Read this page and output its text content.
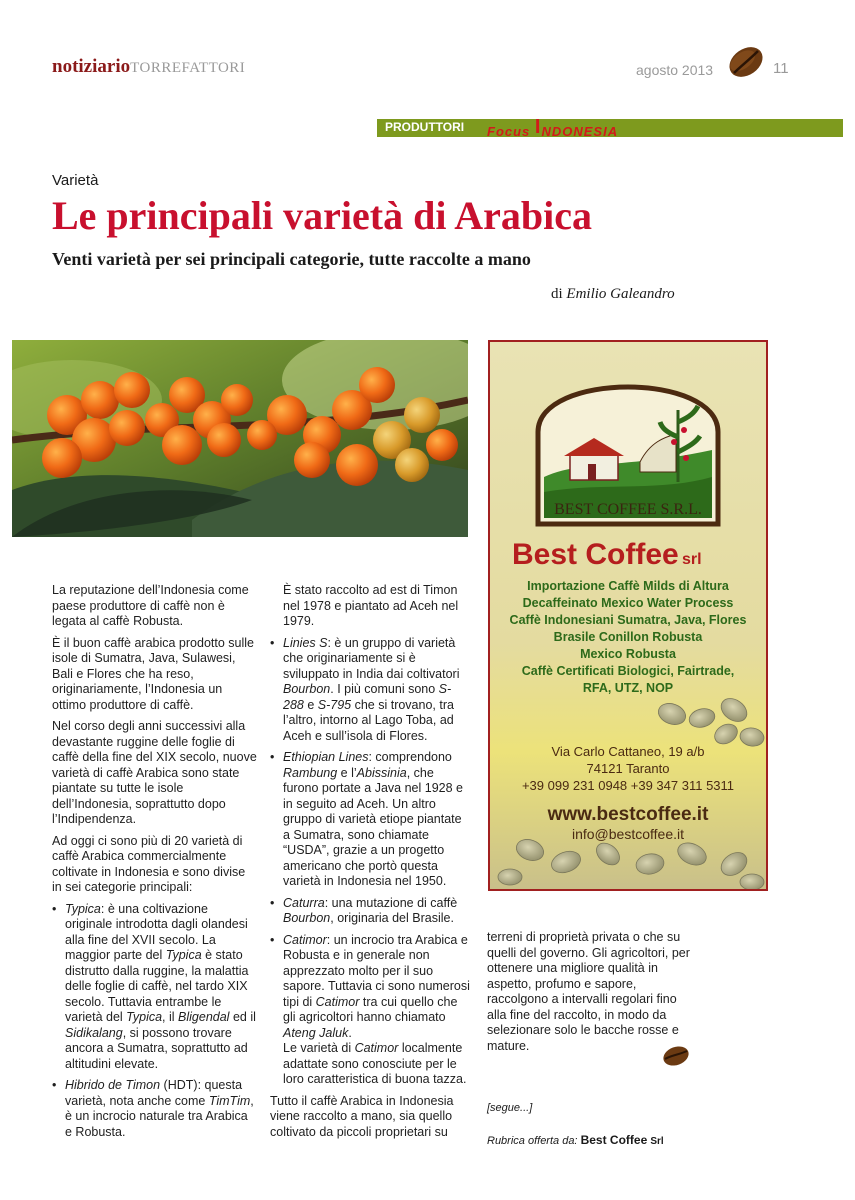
notiziarioTORREFATTORI	agosto 2013	11
PRODUTTORI Focus INDONESIA
Varietà
Le principali varietà di Arabica
Venti varietà per sei principali categorie, tutte raccolte a mano
di Emilio Galeandro
BEST COFFEE S.R.L.
Best Coffee srl
Importazione Caffè Milds di Altura
Decaffeinato Mexico Water Process
Caffè Indonesiani Sumatra, Java, Flores
Brasile Conillon Robusta
Mexico Robusta
Caffè Certificati Biologici, Fairtrade,
RFA, UTZ, NOP
Via Carlo Cattaneo, 19 a/b
74121 Taranto
+39 099 231 0948 +39 347 311 5311
www.bestcoffee.it
info@bestcoffee.it

La reputazione dell’Indonesia come paese produttore di caffè non è legata al caffè Robusta.

È il buon caffè arabica prodotto sulle isole di Sumatra, Java, Sulawesi, Bali e Flores che ha reso, originariamente, l’Indonesia un ottimo produttore di caffè.

Nel corso degli anni successivi alla devastante ruggine delle foglie di caffè della fine del XIX secolo, nuove varietà di caffè Arabica sono state piantate su tutte le isole dell’Indonesia, soprattutto dopo l’Indipendenza.

Ad oggi ci sono più di 20 varietà di caffè Arabica commercialmente coltivate in Indonesia e sono divise in sei categorie principali:

• Typica: è una coltivazione originale introdotta dagli olandesi alla fine del XVII secolo. La maggior parte del Typica è stato distrutto dalla ruggine, la malattia delle foglie di caffè, nel tardo XIX secolo. Tuttavia entrambe le varietà del Typica, il Bligendal ed il Sidikalang, si possono trovare ancora a Sumatra, soprattutto ad altitudini elevate.
• Hibrido de Timon (HDT): questa varietà, nota anche come TimTim, è un incrocio naturale tra Arabica e Robusta.

È stato raccolto ad est di Timon nel 1978 e piantato ad Aceh nel 1979.

• Linies S: è un gruppo di varietà che originariamente si è sviluppato in India dai coltivatori Bourbon. I più comuni sono S-288 e S-795 che si trovano, tra l’altro, intorno al Lago Toba, ad Aceh e sull’isola di Flores.
• Ethiopian Lines: comprendono Rambung e l’Abissinia, che furono portate a Java nel 1928 e in seguito ad Aceh. Un altro gruppo di varietà etiope piantate a Sumatra, sono chiamate “USDA”, grazie a un progetto americano che portò questa varietà in Indonesia nel 1950.
• Caturra: una mutazione di caffè Bourbon, originaria del Brasile.
• Catimor: un incrocio tra Arabica e Robusta e in generale non apprezzato molto per il suo sapore. Tuttavia ci sono numerosi tipi di Catimor tra cui quello che gli agricoltori hanno chiamato Ateng Jaluk.
Le varietà di Catimor localmente adattate sono conosciute per le loro caratteristica di buona tazza.

Tutto il caffè Arabica in Indonesia viene raccolto a mano, sia quello coltivato da piccoli proprietari su

terreni di proprietà privata o che su quelli del governo. Gli agricoltori, per ottenere una migliore qualità in aspetto, profumo e sapore, raccolgono a intervalli regolari fino alla fine del raccolto, in modo da selezionare solo le bacche rosse e mature.

[segue...]
Rubrica offerta da: Best Coffee Srl
